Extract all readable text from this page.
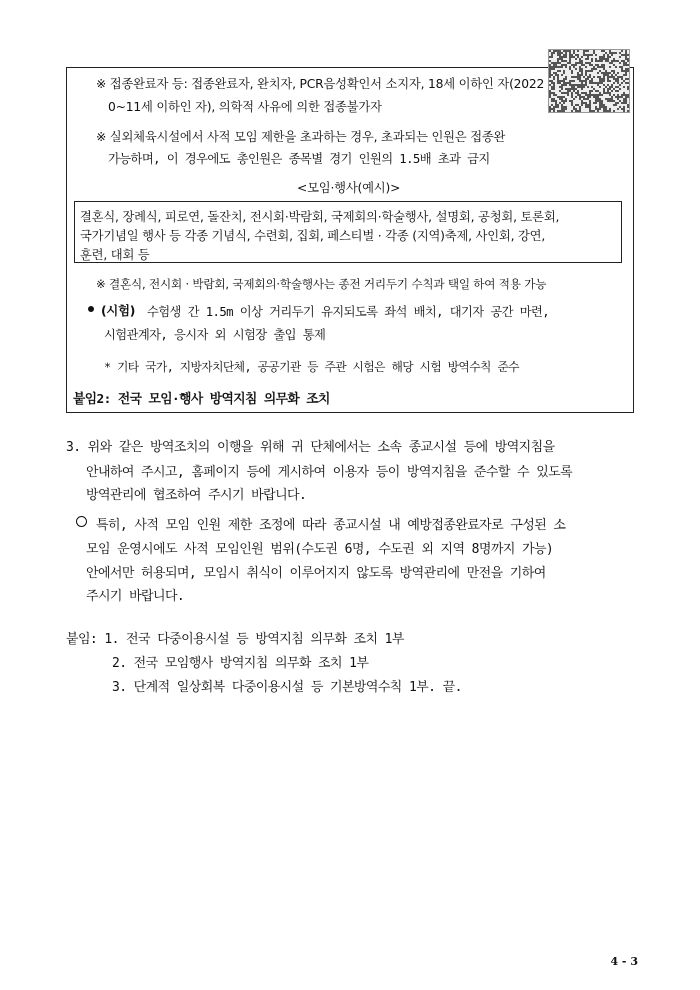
※ 접종완료자 등: 접종완료자, 완치자, PCR음성확인서 소지자, 18세 이하인 자(2022
0~11세 이하인 자), 의학적 사유에 의한 접종불가자
※ 실외체육시설에서 사적 모임 제한을 초과하는 경우, 초과되는 인원은 접종완
가능하며, 이 경우에도 총인원은 종목별 경기 인원의 1.5배 초과 금지
<모임·행사(예시)>
결혼식, 장례식, 피로연, 돌잔치, 전시회·박람회, 국제회의·학술행사, 설명회, 공청회, 토론회,
국가기념일 행사 등 각종 기념식, 수련회, 집회, 페스티벌 · 각종 (지역)축제, 사인회, 강연,
훈련, 대회 등
※ 결혼식, 전시회 · 박람회, 국제회의·학술행사는 종전 거리두기 수칙과 택일 하여 적용 가능
(시험) 수험생 간 1.5m 이상 거리두기 유지되도록 좌석 배치, 대기자 공간 마련,
시험관계자, 응시자 외 시험장 출입 통제
* 기타 국가, 지방자치단체, 공공기관 등 주관 시험은 해당 시험 방역수칙 준수
붙임2: 전국 모임·행사 방역지침 의무화 조치
3. 위와 같은 방역조치의 이행을 위해 귀 단체에서는 소속 종교시설 등에 방역지침을
안내하여 주시고, 홈페이지 등에 게시하여 이용자 등이 방역지침을 준수할 수 있도록
방역관리에 협조하여 주시기 바랍니다.
특히, 사적 모임 인원 제한 조정에 따라 종교시설 내 예방접종완료자로 구성된 소
모임 운영시에도 사적 모임인원 범위(수도권 6명, 수도권 외 지역 8명까지 가능)
안에서만 허용되며, 모임시 취식이 이루어지지 않도록 방역관리에 만전을 기하여
주시기 바랍니다.
붙임: 1. 전국 다중이용시설 등 방역지침 의무화 조치 1부
2. 전국 모임행사 방역지침 의무화 조치 1부
3. 단계적 일상회복 다중이용시설 등 기본방역수칙 1부. 끝.
4 - 3
